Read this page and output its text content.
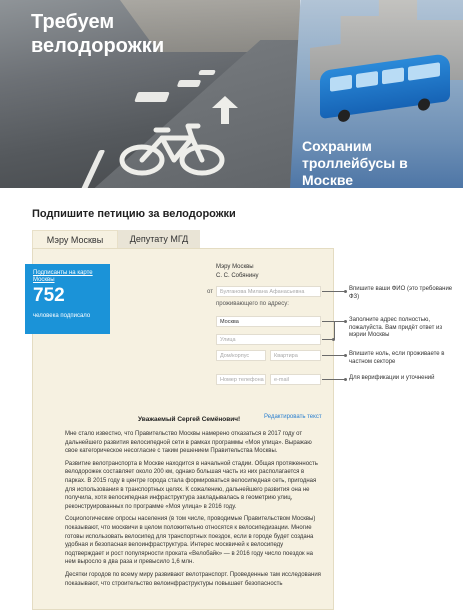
Требуем велодорожки
Сохраним троллейбусы в Москве
Подпишите петицию за велодорожки
Мэру Москвы	Депутату МГД
Подписанты на карте Москвы
752
человека подписало
Мэру Москвы
С. С. Собянину
от	Булганова Милана Афанасьевна
проживающего по адресу:
Москва
Улица
Дом/корпус	Квартира
Номер телефона	e-mail
Впишите ваши ФИО (это требование ФЗ)
Заполните адрес полностью, пожалуйста. Вам придёт ответ из мэрии Москвы
Впишите ноль, если проживаете в частном секторе
Для верификации и уточнений
Уважаемый Сергей Семёнович!	Редактировать текст

Мне стало известно, что Правительство Москвы намерено отказаться в 2017 году от дальнейшего развития велосипедной сети в рамках программы «Моя улица». Выражаю свое категорическое несогласие с таким решением Правительства Москвы.

Развитие велотранспорта в Москве находится в начальной стадии. Общая протяженность велодорожек составляет около 200 км, однако большая часть из них располагается в парках. В 2015 году в центре города стала формироваться велосипедная сеть, пригодная для использования в транспортных целях. К сожалению, дальнейшего развития она не получила, хотя велосипедная инфраструктура закладывалась в геометрию улиц, реконструированных по программе «Моя улица» в 2016 году.

Социологические опросы населения (в том числе, проводимые Правительством Москвы) показывают, что москвичи в целом положительно относятся к велосипедизации. Многие готовы использовать велосипед для транспортных поездок, если в городе будет создана удобная и безопасная велоинфраструктура. Интерес москвичей к велосипеду подтверждает и рост популярности проката «Велобайк» — в 2016 году число поездок на нем выросло в два раза и превысило 1,6 млн.

Десятки городов по всему миру развивают велотранспорт. Проведенные там исследования показывают, что строительство велоинфраструктуры повышает безопасность
